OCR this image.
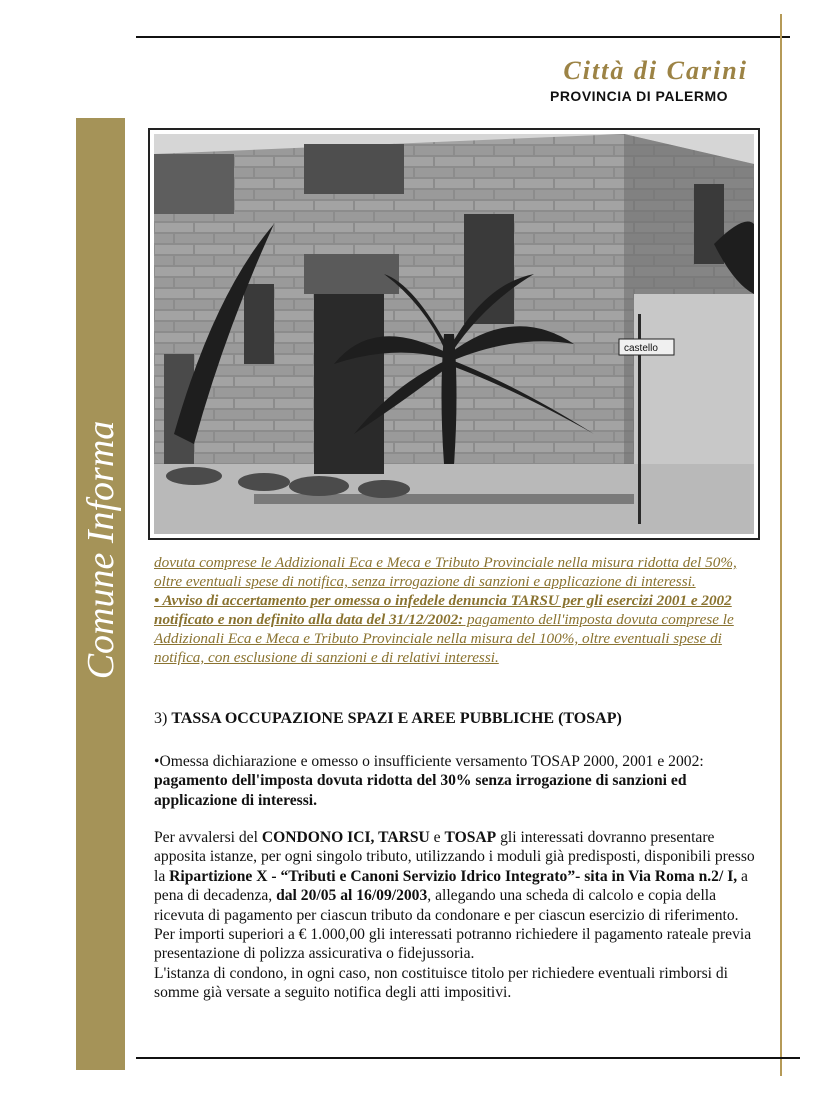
Città di Carini
PROVINCIA DI PALERMO
Comune Informa
castello

dovuta comprese le Addizionali Eca e Meca e Tributo Provinciale nella misura ridotta del 50%, oltre eventuali spese di notifica, senza irrogazione di sanzioni e applicazione di interessi.

• Avviso di accertamento per omessa o infedele denuncia TARSU per gli esercizi 2001 e 2002 notificato e non definito alla data del 31/12/2002: pagamento dell'imposta dovuta comprese le Addizionali Eca e Meca e Tributo Provinciale nella misura del 100%, oltre eventuali spese di notifica, con esclusione di sanzioni e di relativi interessi.

3) TASSA OCCUPAZIONE SPAZI E AREE PUBBLICHE (TOSAP)
•Omessa dichiarazione e omesso o insufficiente versamento TOSAP 2000, 2001 e 2002: pagamento dell'imposta dovuta ridotta del 30% senza irrogazione di sanzioni ed applicazione di interessi.
Per avvalersi del CONDONO ICI, TARSU e TOSAP gli interessati dovranno presentare apposita istanze, per ogni singolo tributo, utilizzando i moduli già predisposti, disponibili presso la Ripartizione X - “Tributi e Canoni Servizio Idrico Integrato”- sita in Via Roma n.2/ I, a pena di decadenza, dal 20/05 al 16/09/2003, allegando una scheda di calcolo e copia della ricevuta di pagamento per ciascun tributo da condonare e per ciascun esercizio di riferimento.
Per importi superiori a € 1.000,00 gli interessati potranno richiedere il pagamento rateale previa presentazione di polizza assicurativa o fidejussoria.
L'istanza di condono, in ogni caso, non costituisce titolo per richiedere eventuali rimborsi di somme già versate a seguito notifica degli atti impositivi.
